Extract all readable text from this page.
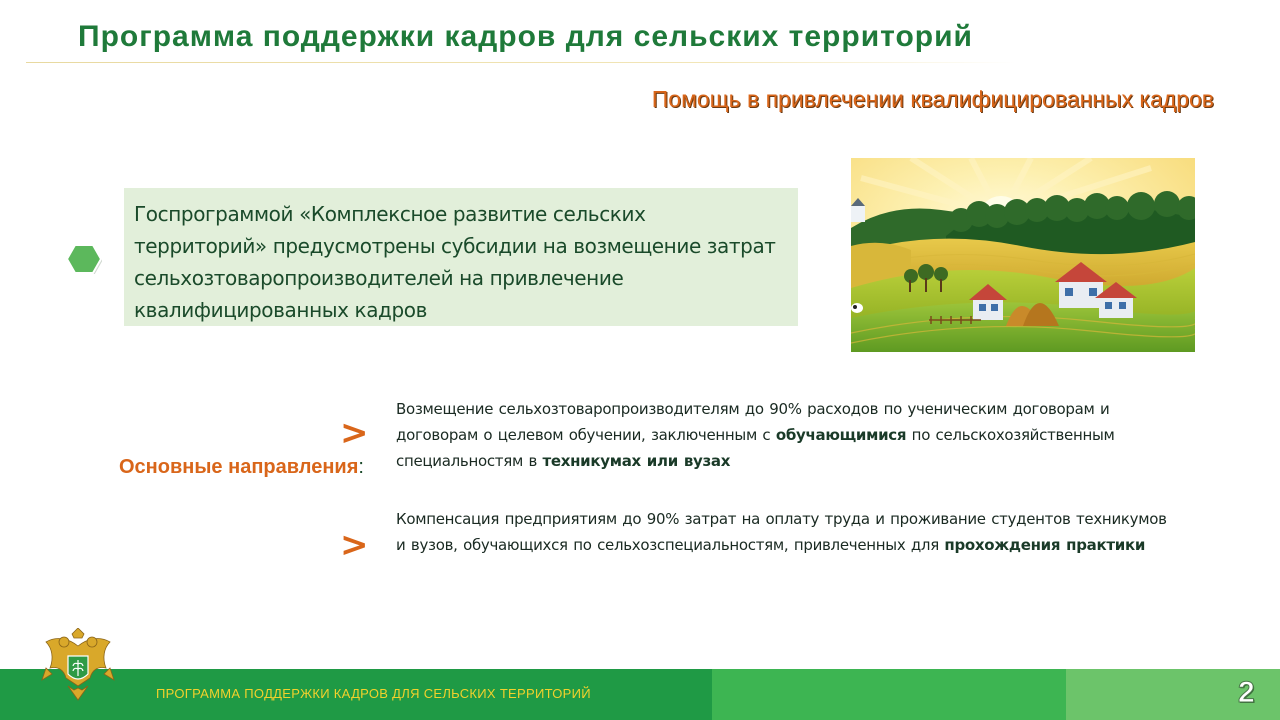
Программа поддержки кадров для сельских территорий
Помощь в привлечении квалифицированных кадров

Госпрограммой «Комплексное развитие сельских территорий» предусмотрены субсидии на возмещение затрат сельхозтоваропроизводителей на привлечение квалифицированных кадров

Основные направления:
>
>
Возмещение сельхозтоваропроизводителям до 90% расходов по ученическим договорам и договорам о целевом обучении, заключенным с обучающимися по сельскохозяйственным специальностям в техникумах или вузах
Компенсация предприятиям до 90% затрат на оплату труда и проживание студентов техникумов и вузов, обучающихся по сельхозспециальностям, привлеченных для прохождения практики
ПРОГРАММА ПОДДЕРЖКИ КАДРОВ ДЛЯ СЕЛЬСКИХ ТЕРРИТОРИЙ	2
